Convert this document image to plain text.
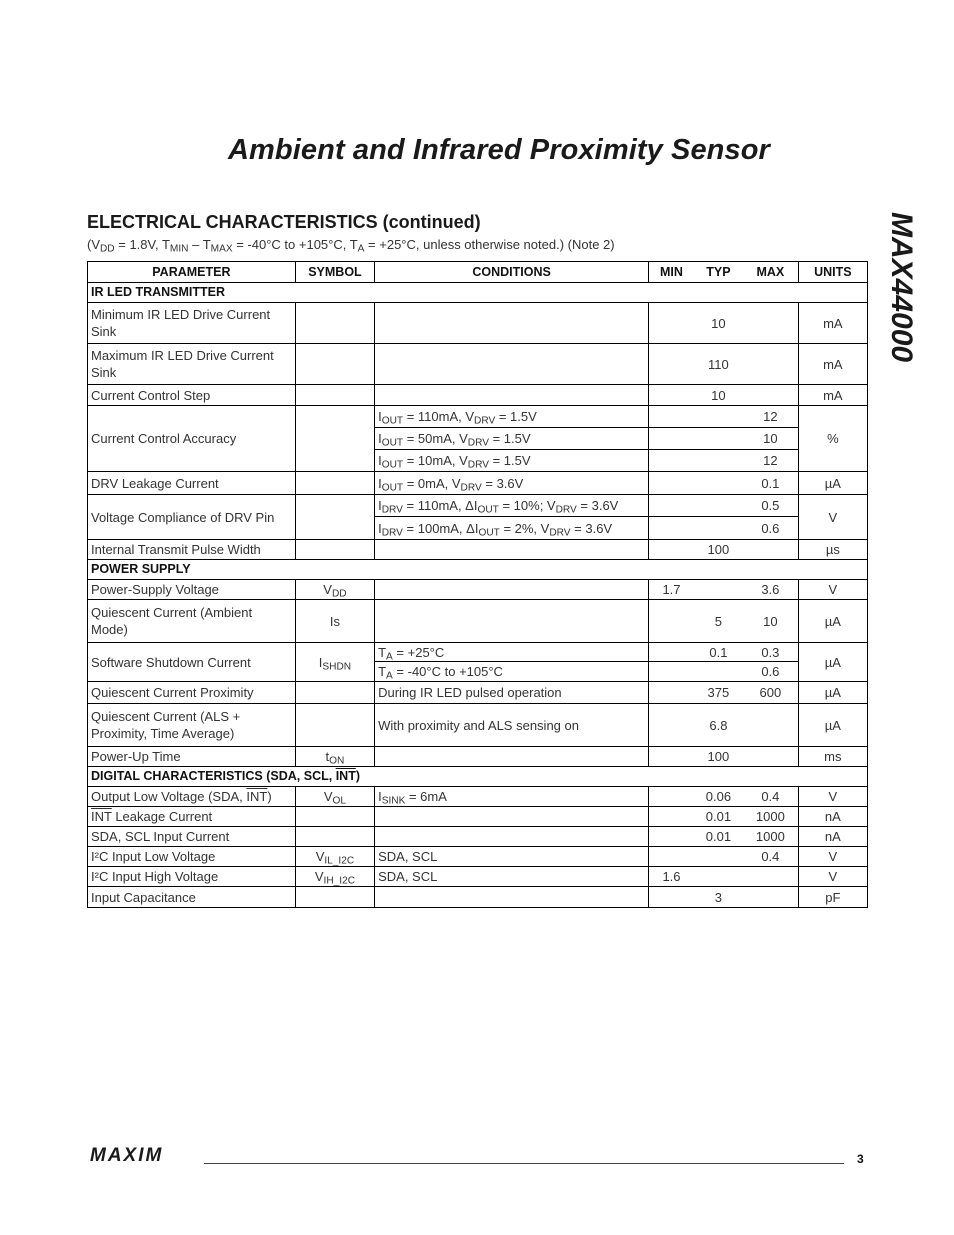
Ambient and Infrared Proximity Sensor
MAX44000
ELECTRICAL CHARACTERISTICS (continued)
($V_{DD} = 1.8V$, $T_{MIN} - T_{MAX} = -40^\circ C$ to +105°C, $T_A = +25^\circ C$, unless otherwise noted.) (Note 2)
PARAMETER	SYMBOL	CONDITIONS	MIN	TYP	MAX	UNITS
IR LED TRANSMITTER						
Minimum IR LED Drive Current Sink				10		mA
Maximum IR LED Drive Current Sink				110		mA
Current Control Step				10		mA
Current Control Accuracy		$I_{OUT} = 110mA$, $V_{DRV} = 1.5V$			12	%
		$I_{OUT} = 50mA$, $V_{DRV} = 1.5V$			10	
		$I_{OUT} = 10mA$, $V_{DRV} = 1.5V$			12	
DRV Leakage Current		$I_{OUT} = 0mA$, $V_{DRV} = 3.6V$			0.1	µA
Voltage Compliance of DRV Pin		$I_{DRV} = 110mA$, $\Delta I_{OUT} = 10\%$; $V_{DRV} = 3.6V$			0.5	V
		$I_{DRV} = 100mA$, $\Delta I_{OUT} = 2\%$, $V_{DRV} = 3.6V$			0.6	
Internal Transmit Pulse Width				100		µs
POWER SUPPLY						
Power-Supply Voltage	$V_{DD}$		1.7		3.6	V
Quiescent Current (Ambient Mode)	Is			5	10	µA
Software Shutdown Current	$I_{SHDN}$	$T_A = +25^\circ C$		0.1	0.3	µA
		$T_A = -40^\circ C$ to +105°C			0.6	
Quiescent Current Proximity		During IR LED pulsed operation		375	600	µA
Quiescent Current (ALS + Proximity, Time Average)		With proximity and ALS sensing on		6.8		µA
Power-Up Time	$t_{ON}$			100		ms
DIGITAL CHARACTERISTICS (SDA, SCL, $\overline{INT}$)						
Output Low Voltage (SDA, $\overline{INT}$)	$V_{OL}$	$I_{SINK} = 6mA$		0.06	0.4	V
$\overline{INT}$ Leakage Current				0.01	1000	nA
SDA, SCL Input Current				0.01	1000	nA
I²C Input Low Voltage	$V_{IL\_I2C}$	SDA, SCL			0.4	V
I²C Input High Voltage	$V_{IH\_I2C}$	SDA, SCL	1.6			V
Input Capacitance				3		pF
MAXIM	3
